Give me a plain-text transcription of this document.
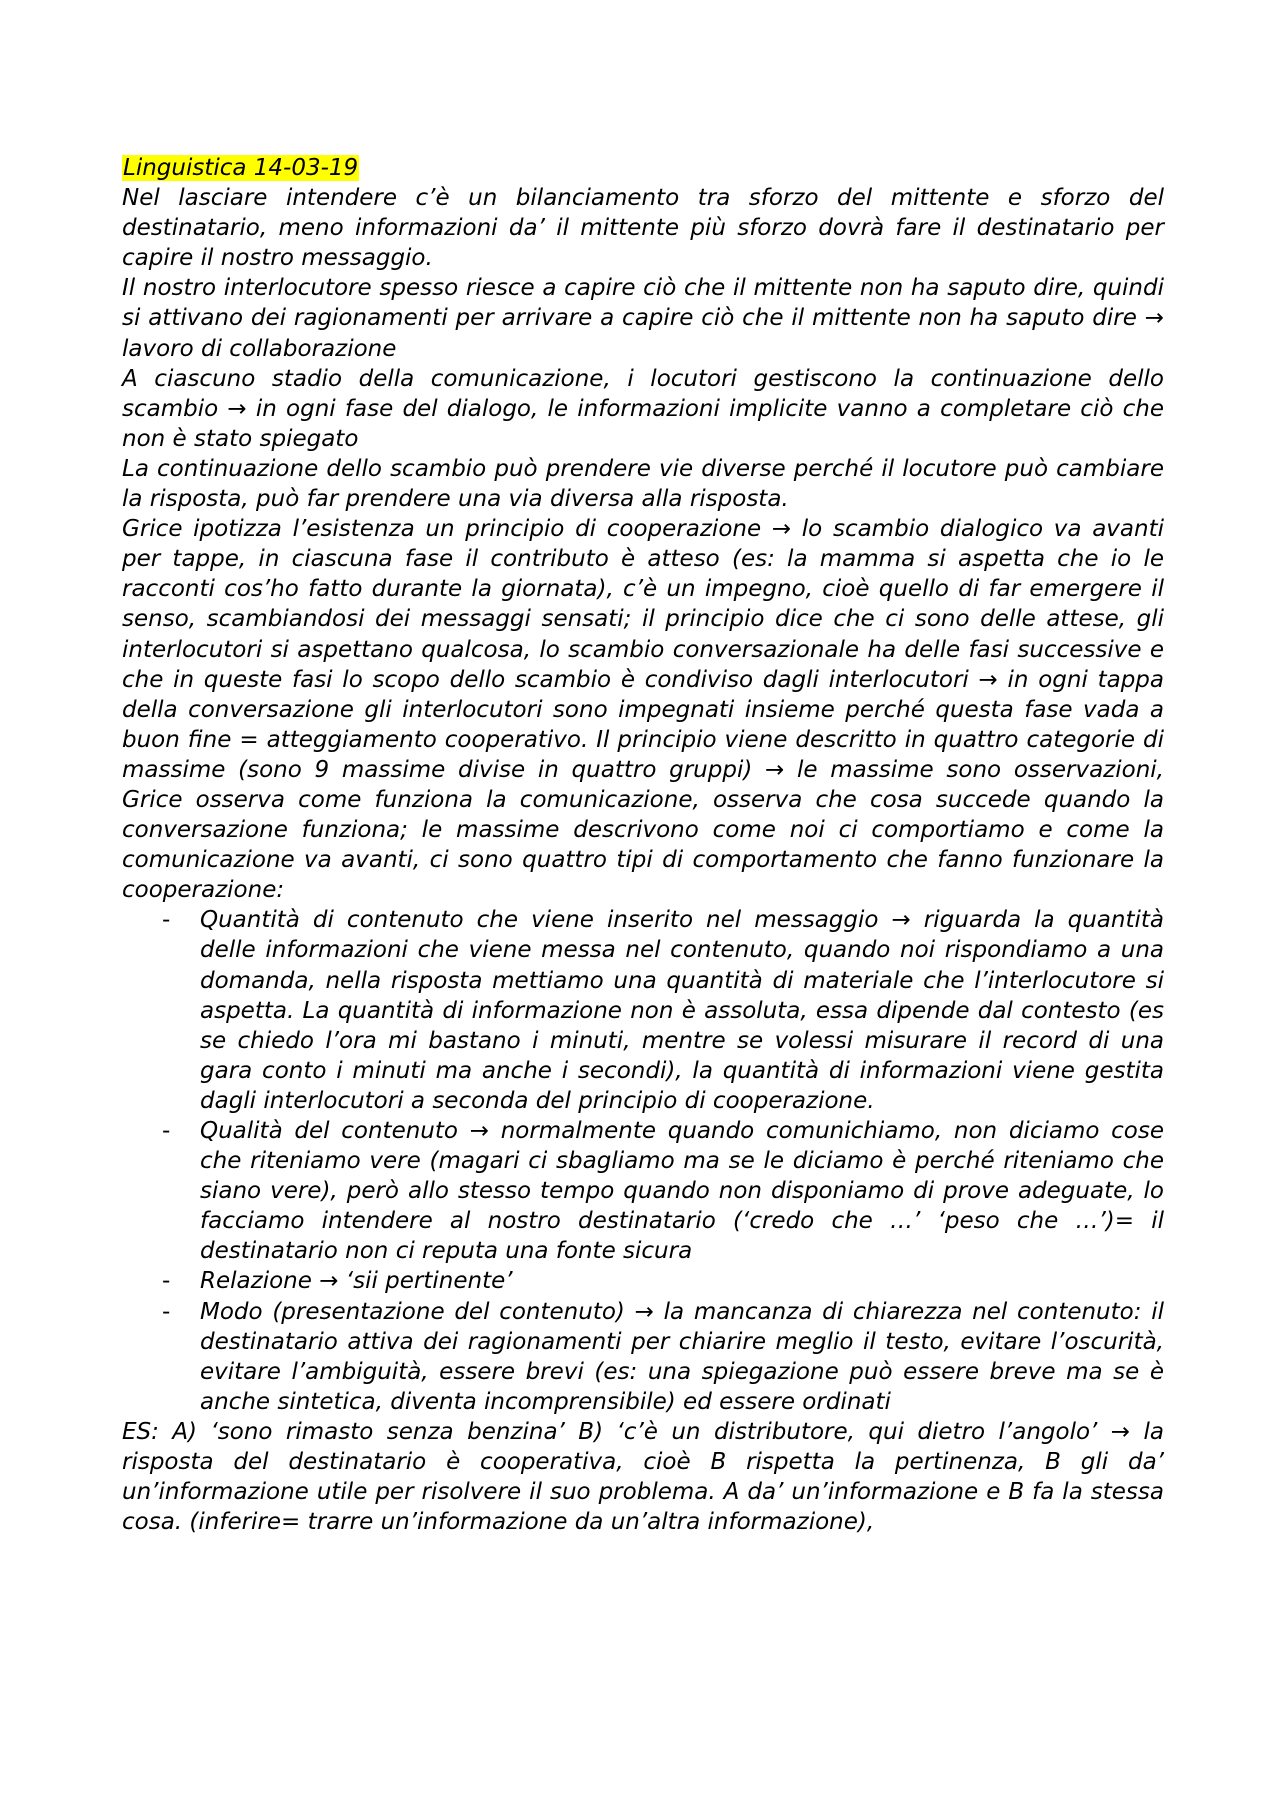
Linguistica 14-03-19

Nel lasciare intendere c’è un bilanciamento tra sforzo del mittente e sforzo del destinatario, meno informazioni da’ il mittente più sforzo dovrà fare il destinatario per capire il nostro messaggio.

Il nostro interlocutore spesso riesce a capire ciò che il mittente non ha saputo dire, quindi si attivano dei ragionamenti per arrivare a capire ciò che il mittente non ha saputo dire → lavoro di collaborazione

A ciascuno stadio della comunicazione, i locutori gestiscono la continuazione dello scambio → in ogni fase del dialogo, le informazioni implicite vanno a completare ciò che non è stato spiegato

La continuazione dello scambio può prendere vie diverse perché il locutore può cambiare la risposta, può far prendere una via diversa alla risposta.

Grice ipotizza l’esistenza un principio di cooperazione → lo scambio dialogico va avanti per tappe, in ciascuna fase il contributo è atteso (es: la mamma si aspetta che io le racconti cos’ho fatto durante la giornata), c’è un impegno, cioè quello di far emergere il senso, scambiandosi dei messaggi sensati; il principio dice che ci sono delle attese, gli interlocutori si aspettano qualcosa, lo scambio conversazionale ha delle fasi successive e che in queste fasi lo scopo dello scambio è condiviso dagli interlocutori → in ogni tappa della conversazione gli interlocutori sono impegnati insieme perché questa fase vada a buon fine = atteggiamento cooperativo. Il principio viene descritto in quattro categorie di massime (sono 9 massime divise in quattro gruppi) → le massime sono osservazioni, Grice osserva come funziona la comunicazione, osserva che cosa succede quando la conversazione funziona; le massime descrivono come noi ci comportiamo e come la comunicazione va avanti, ci sono quattro tipi di comportamento che fanno funzionare la cooperazione:

- Quantità di contenuto che viene inserito nel messaggio → riguarda la quantità delle informazioni che viene messa nel contenuto, quando noi rispondiamo a una domanda, nella risposta mettiamo una quantità di materiale che l’interlocutore si aspetta. La quantità di informazione non è assoluta, essa dipende dal contesto (es se chiedo l’ora mi bastano i minuti, mentre se volessi misurare il record di una gara conto i minuti ma anche i secondi), la quantità di informazioni viene gestita dagli interlocutori a seconda del principio di cooperazione.
- Qualità del contenuto → normalmente quando comunichiamo, non diciamo cose che riteniamo vere (magari ci sbagliamo ma se le diciamo è perché riteniamo che siano vere), però allo stesso tempo quando non disponiamo di prove adeguate, lo facciamo intendere al nostro destinatario (‘credo che …’ ‘peso che …’)= il destinatario non ci reputa una fonte sicura
- Relazione → ‘sii pertinente’
- Modo (presentazione del contenuto) → la mancanza di chiarezza nel contenuto: il destinatario attiva dei ragionamenti per chiarire meglio il testo, evitare l’oscurità, evitare l’ambiguità, essere brevi (es: una spiegazione può essere breve ma se è anche sintetica, diventa incomprensibile) ed essere ordinati

ES: A) ‘sono rimasto senza benzina’ B) ‘c’è un distributore, qui dietro l’angolo’ → la risposta del destinatario è cooperativa, cioè B rispetta la pertinenza, B gli da’ un’informazione utile per risolvere il suo problema. A da’ un’informazione e B fa la stessa cosa. (inferire= trarre un’informazione da un’altra informazione),
